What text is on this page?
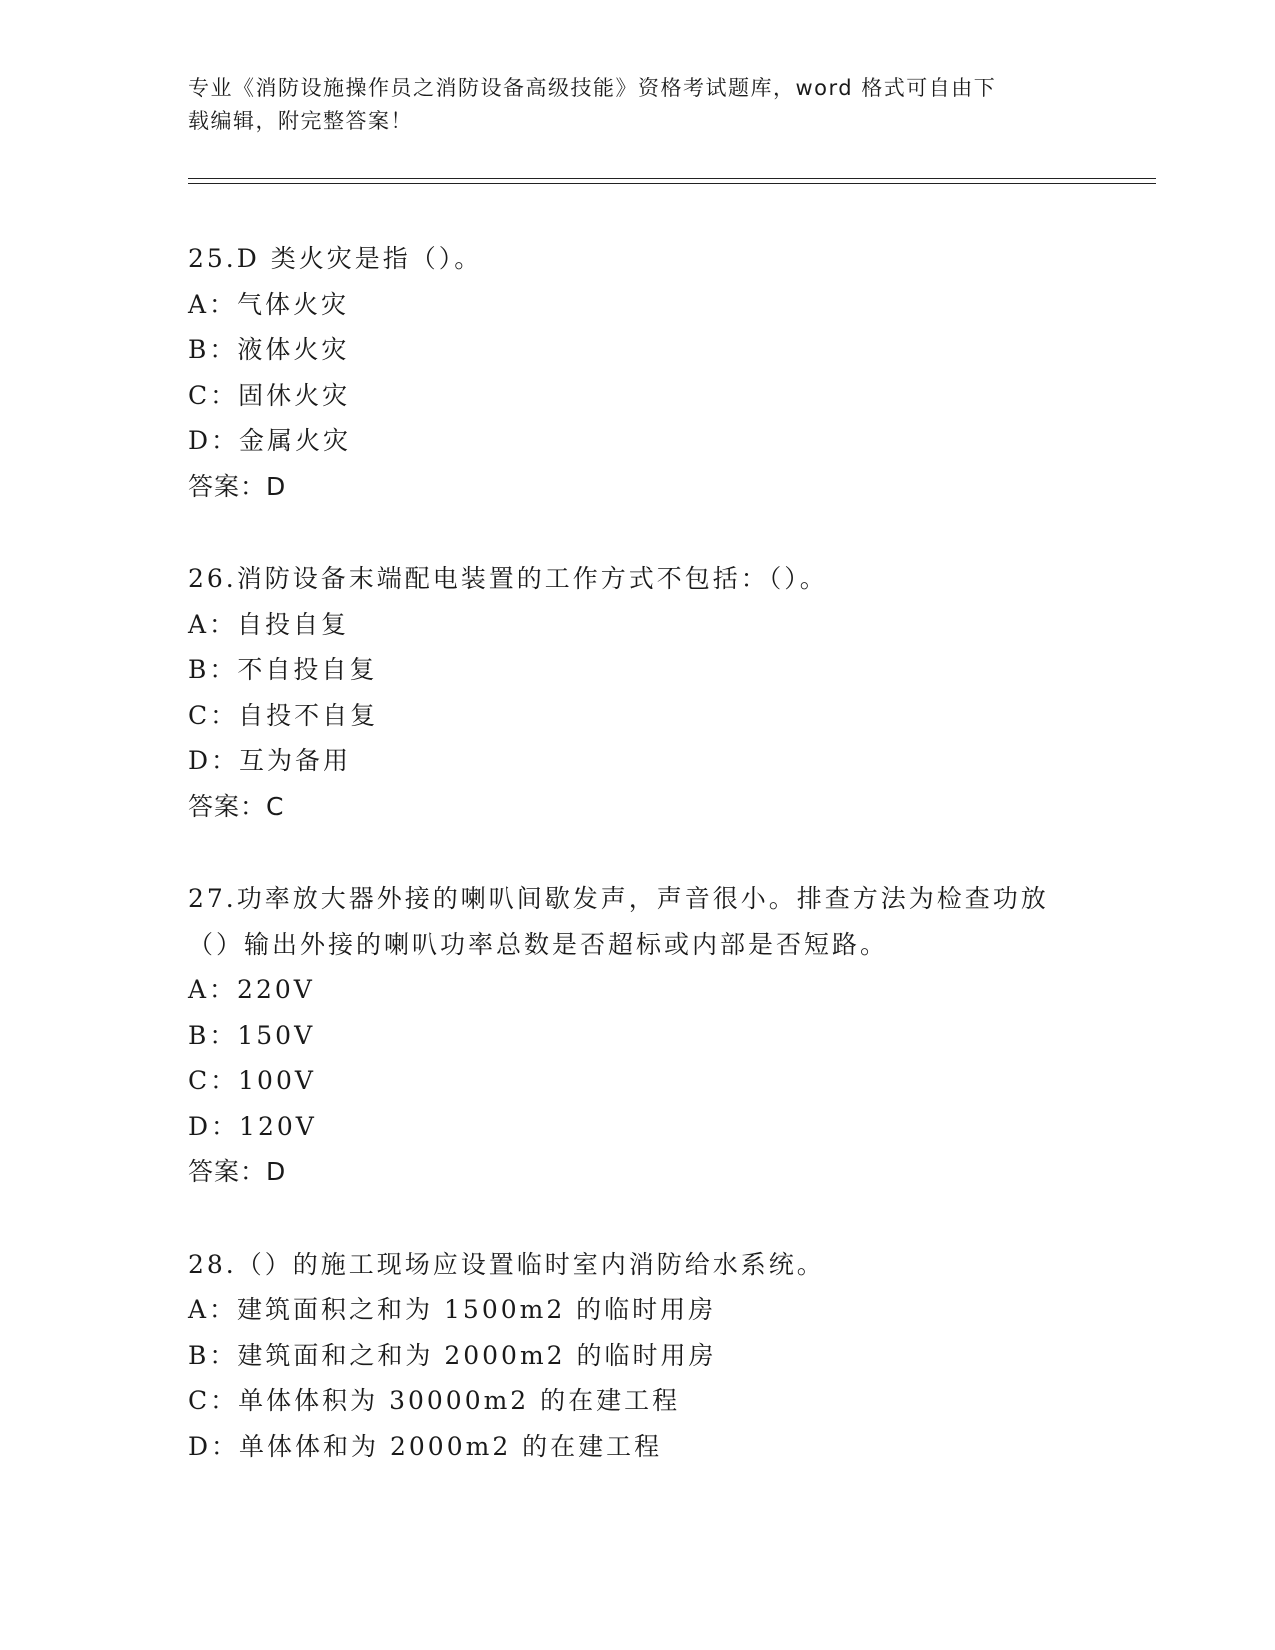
专业《消防设施操作员之消防设备高级技能》资格考试题库，word 格式可自由下
载编辑，附完整答案！
25.D 类火灾是指（）。
A：气体火灾
B：液体火灾
C：固休火灾
D：金属火灾
答案：D
26.消防设备末端配电装置的工作方式不包括：（）。
A：自投自复
B：不自投自复
C：自投不自复
D：互为备用
答案：C
27.功率放大器外接的喇叭间歇发声，声音很小。排查方法为检查功放
（）输出外接的喇叭功率总数是否超标或内部是否短路。
A：220V
B：150V
C：100V
D：120V
答案：D
28.（）的施工现场应设置临时室内消防给水系统。
A：建筑面积之和为 1500m2 的临时用房
B：建筑面和之和为 2000m2 的临时用房
C：单体体积为 30000m2 的在建工程
D：单体体和为 2000m2 的在建工程
